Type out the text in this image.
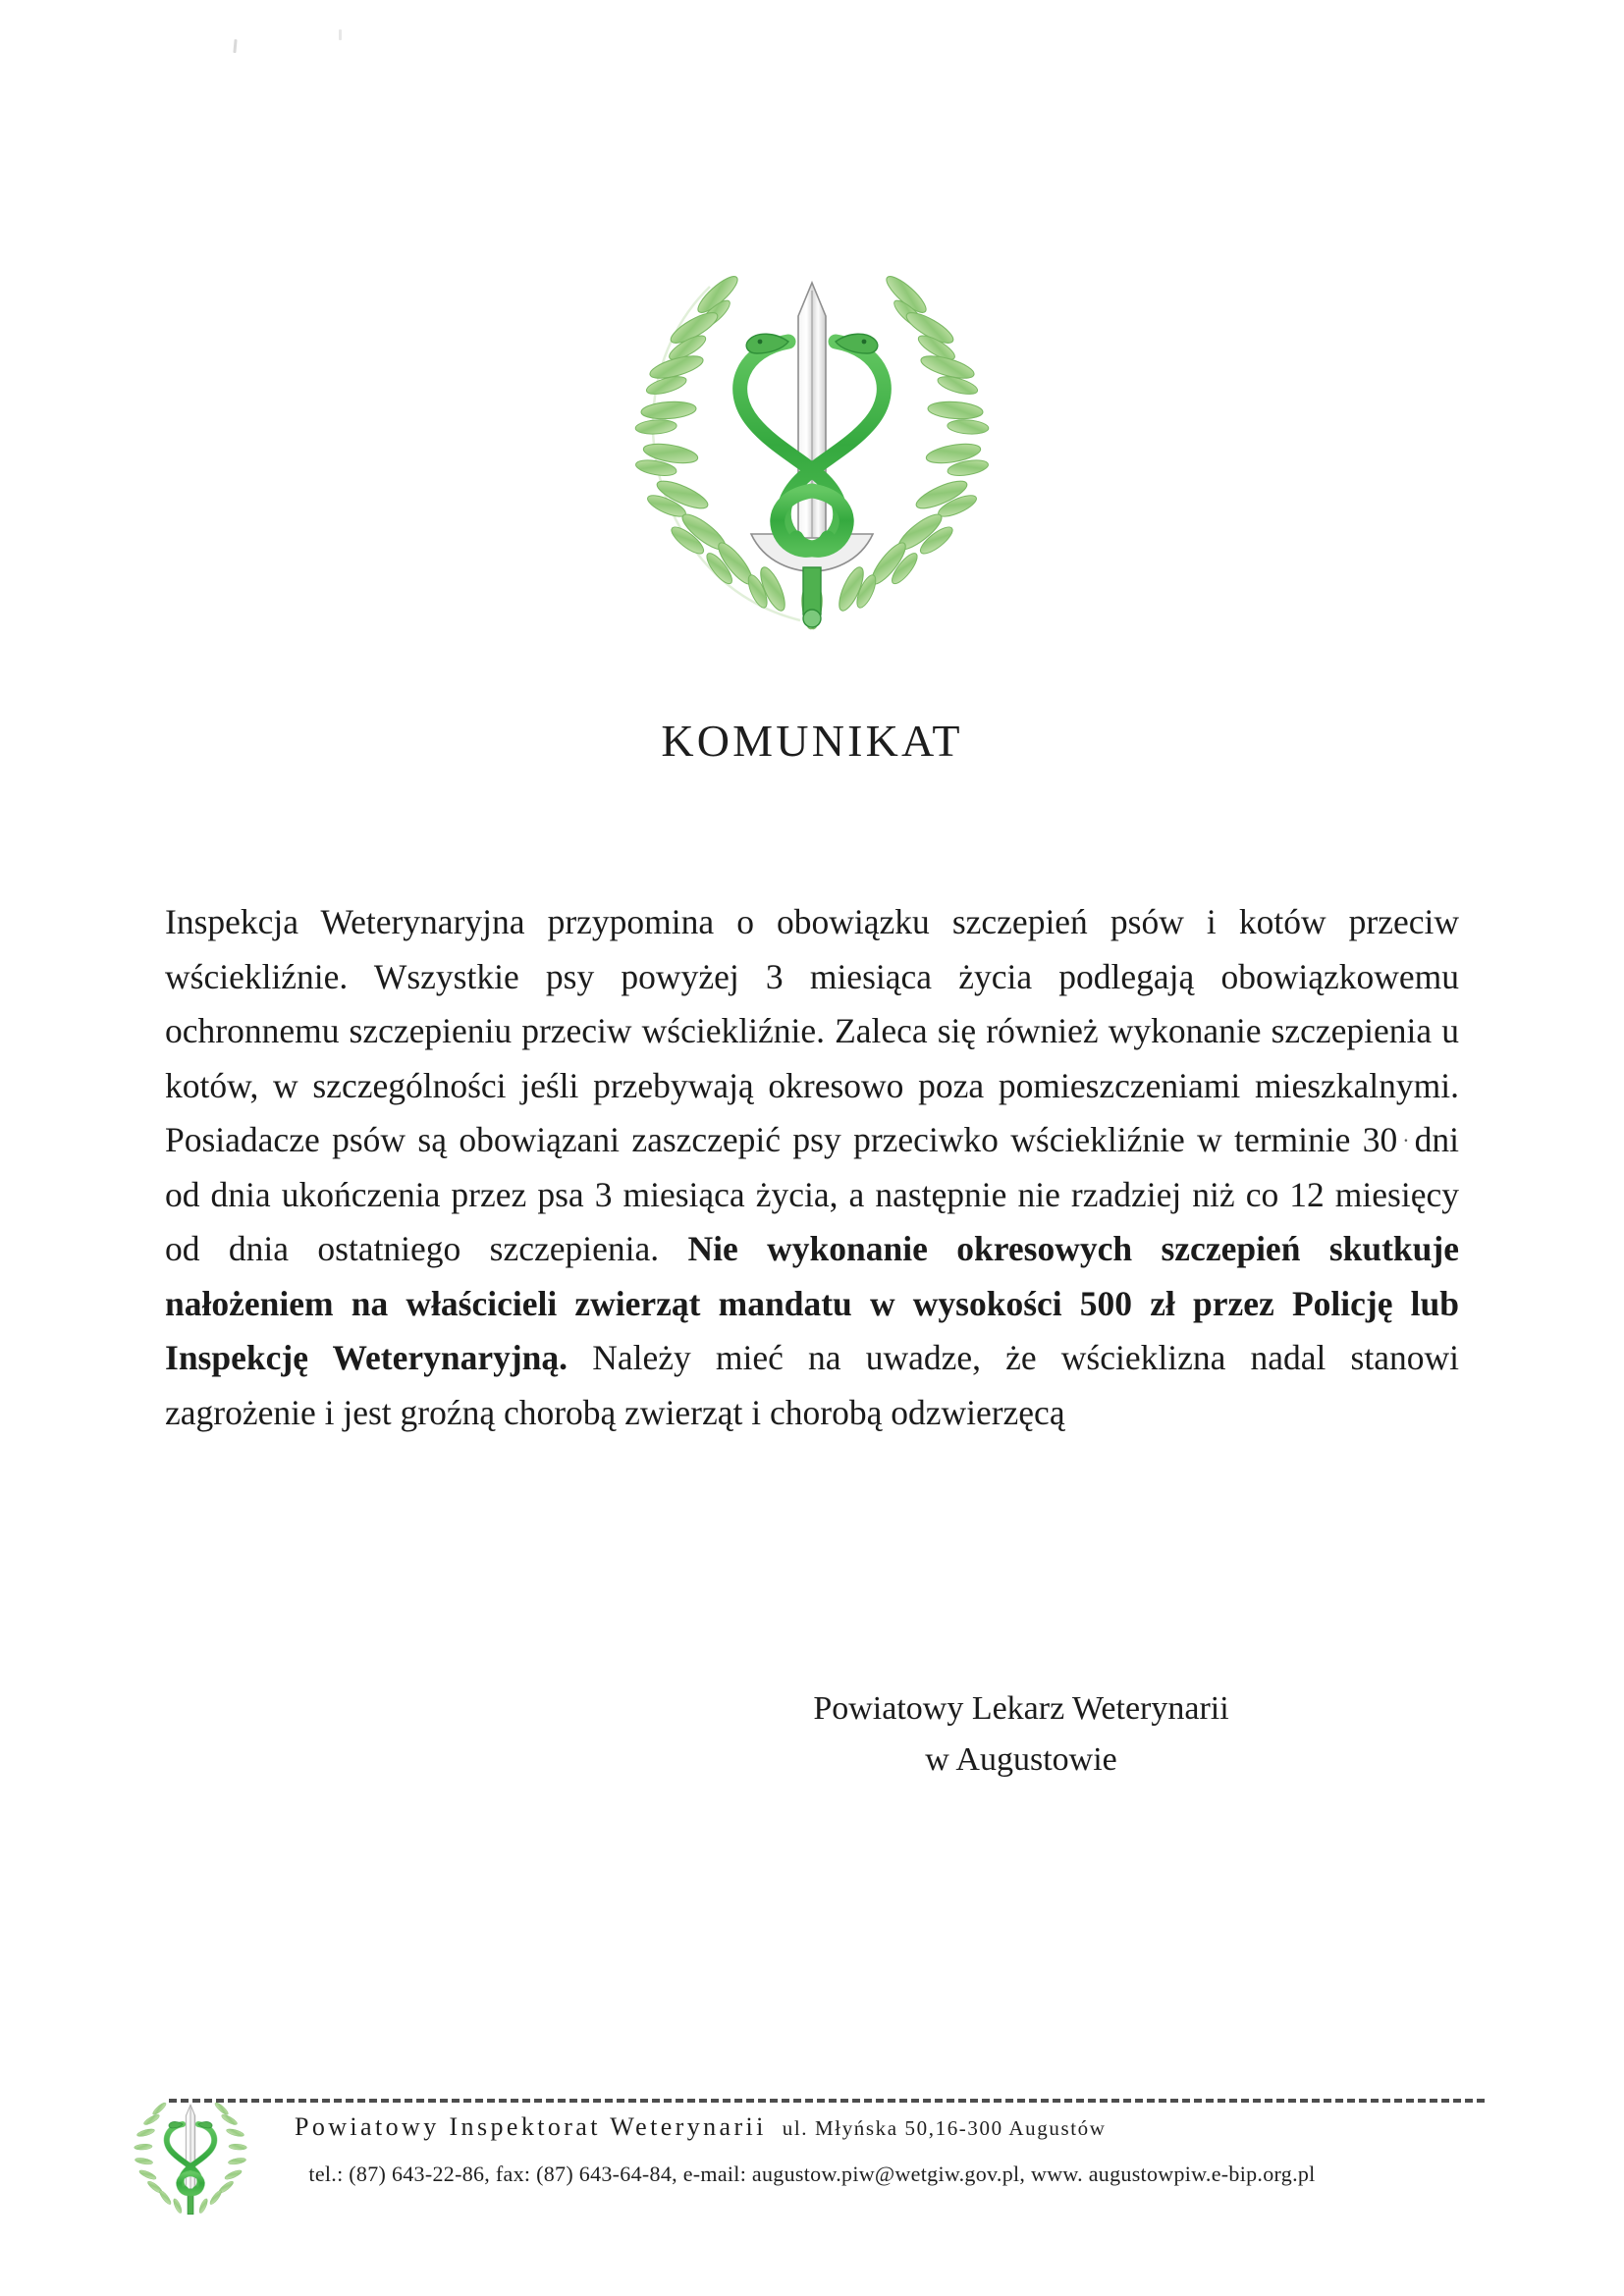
KOMUNIKAT

Inspekcja Weterynaryjna przypomina o obowiązku szczepień psów i kotów przeciw wściekliźnie. Wszystkie psy powyżej 3 miesiąca życia podlegają obowiązkowemu ochronnemu szczepieniu przeciw wściekliźnie. Zaleca się również wykonanie szczepienia u kotów, w szczególności jeśli przebywają okresowo poza pomieszczeniami mieszkalnymi. Posiadacze psów są obowiązani zaszczepić psy przeciwko wściekliźnie w terminie 30 · dni od dnia ukończenia przez psa 3 miesiąca życia, a następnie nie rzadziej niż co 12 miesięcy od dnia ostatniego szczepienia. Nie wykonanie okresowych szczepień skutkuje nałożeniem na właścicieli zwierząt mandatu w wysokości 500 zł przez Policję lub Inspekcję Weterynaryjną. Należy mieć na uwadze, że wścieklizna nadal stanowi zagrożenie i jest groźną chorobą zwierząt i chorobą odzwierzęcą

Powiatowy Lekarz Weterynarii
w Augustowie
Powiatowy Inspektorat Weterynarii ul. Młyńska 50,16-300 Augustów
tel.: (87) 643-22-86, fax: (87) 643-64-84, e-mail: augustow.piw@wetgiw.gov.pl, www. augustowpiw.e-bip.org.pl
